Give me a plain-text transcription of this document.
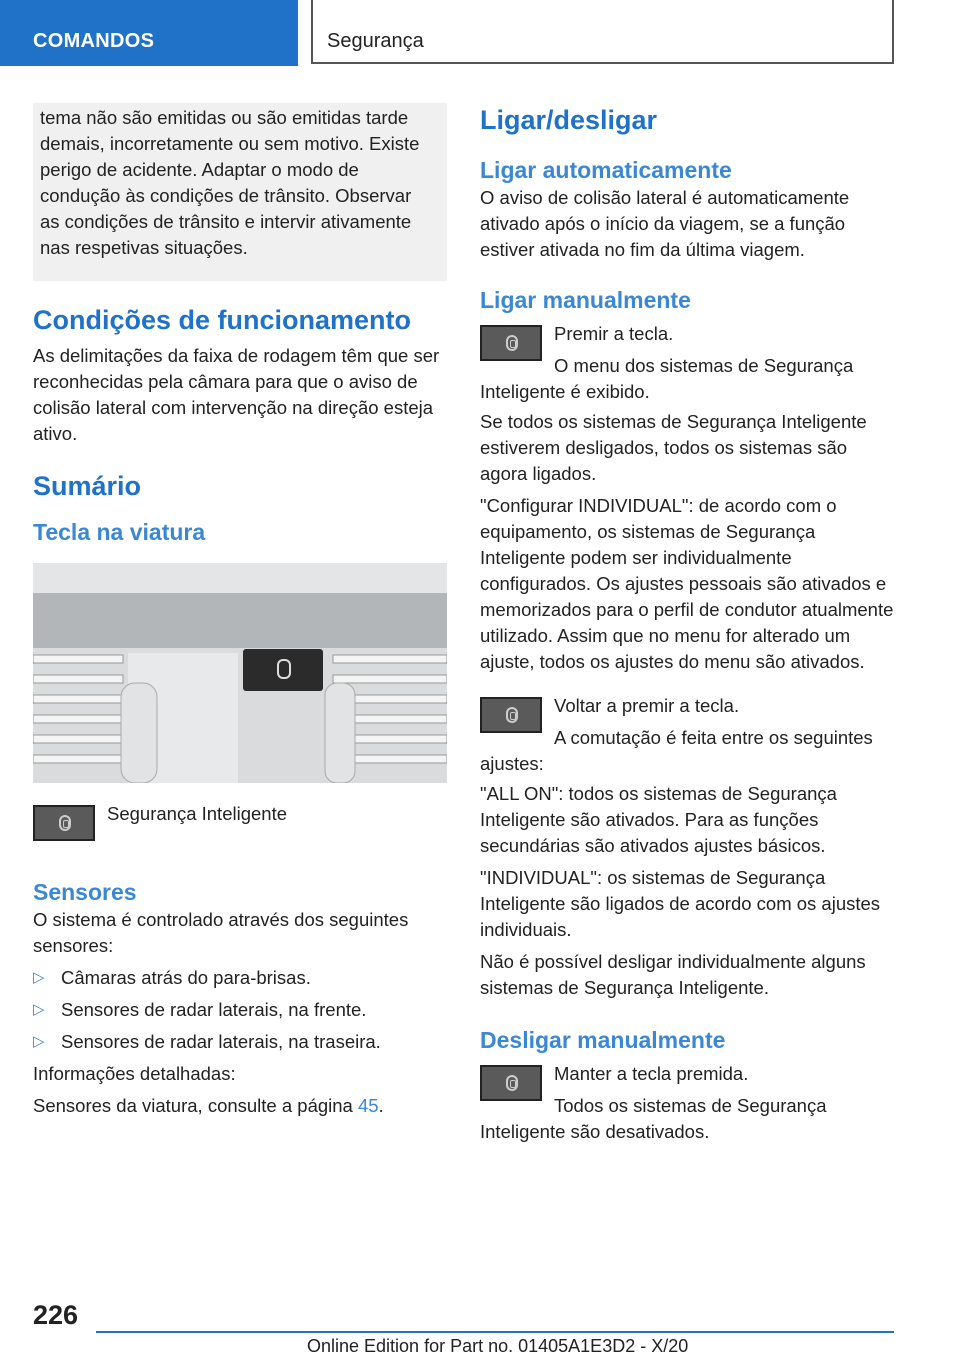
COMANDOS	Segurança

tema não são emitidas ou são emitidas tarde demais, incorretamente ou sem motivo. Existe perigo de acidente. Adaptar o modo de condução às condições de trânsito. Observar as condições de trânsito e intervir ativamente nas respetivas situações.

Condições de funcionamento

As delimitações da faixa de rodagem têm que ser reconhecidas pela câmara para que o aviso de colisão lateral com intervenção na direção esteja ativo.

Sumário
Tecla na viatura
Segurança Inteligente
Sensores

O sistema é controlado através dos seguintes sensores:

▷ Câmaras atrás do para-brisas.
▷ Sensores de radar laterais, na frente.
▷ Sensores de radar laterais, na traseira.

Informações detalhadas:

Sensores da viatura, consulte a página 45.

Ligar/desligar
Ligar automaticamente

O aviso de colisão lateral é automaticamente ativado após o início da viagem, se a função estiver ativada no fim da última viagem.

Ligar manualmente
Premir a tecla.
O menu dos sistemas de Segurança Inteligente é exibido.

Se todos os sistemas de Segurança Inteligente estiverem desligados, todos os sistemas são agora ligados.

"Configurar INDIVIDUAL": de acordo com o equipamento, os sistemas de Segurança Inteligente podem ser individualmente configurados. Os ajustes pessoais são ativados e memorizados para o perfil de condutor atualmente utilizado. Assim que no menu for alterado um ajuste, todos os ajustes do menu são ativados.

Voltar a premir a tecla.
A comutação é feita entre os seguintes ajustes:

"ALL ON": todos os sistemas de Segurança Inteligente são ativados. Para as funções secundárias são ativados ajustes básicos.

"INDIVIDUAL": os sistemas de Segurança Inteligente são ligados de acordo com os ajustes individuais.

Não é possível desligar individualmente alguns sistemas de Segurança Inteligente.

Desligar manualmente
Manter a tecla premida.
Todos os sistemas de Segurança Inteligente são desativados.
226
Online Edition for Part no. 01405A1E3D2 - X/20
